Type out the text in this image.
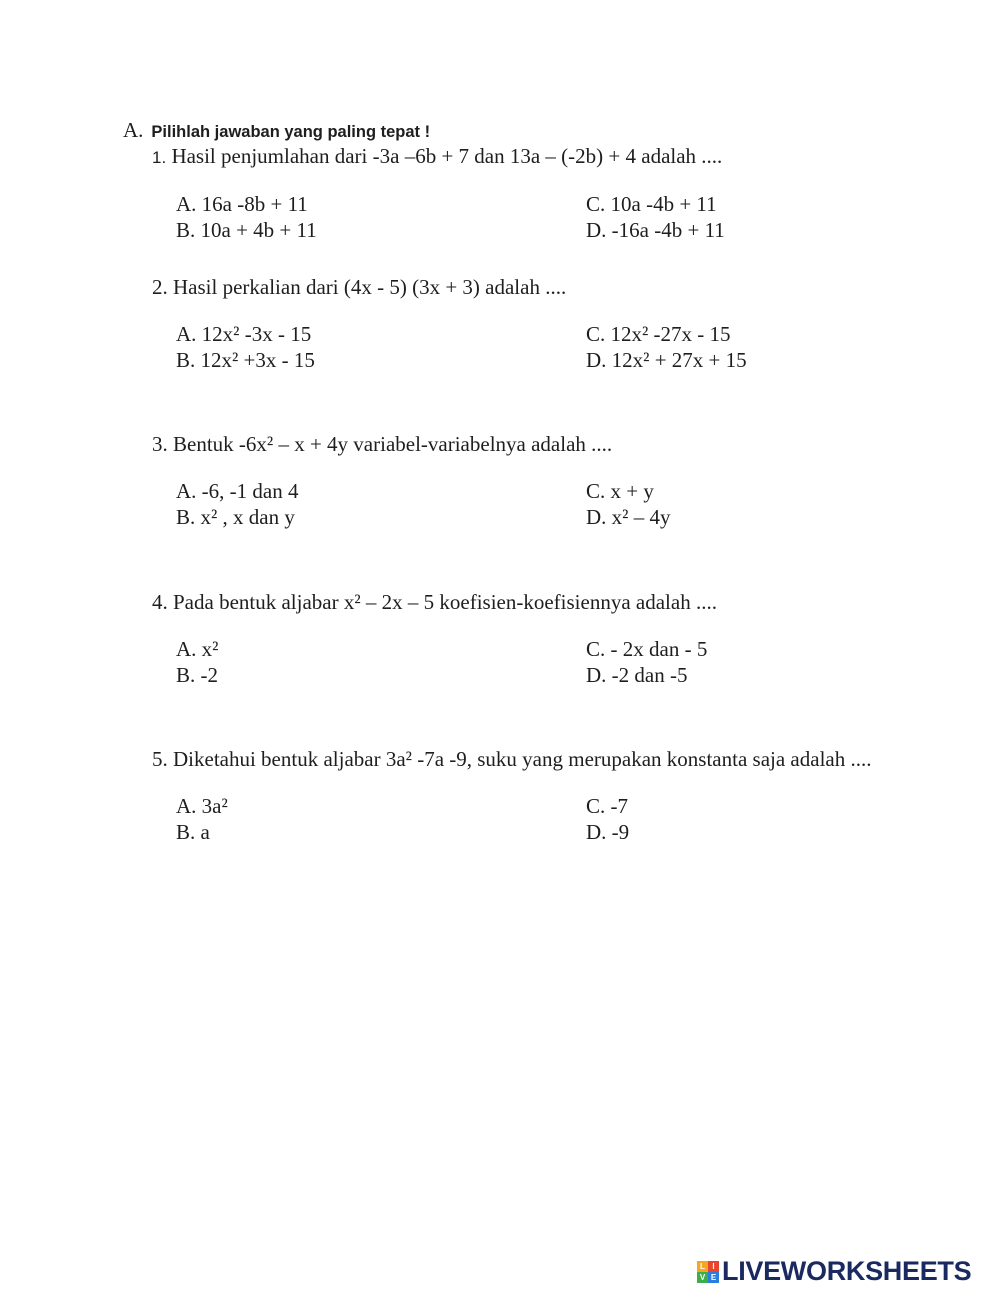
A. Pilihlah jawaban yang paling tepat !

1. Hasil penjumlahan dari -3a –6b + 7 dan 13a – (-2b) + 4 adalah ....

A. 16a -8b + 11
B. 10a + 4b + 11
C. 10a -4b + 11
D. -16a -4b + 11

2. Hasil perkalian dari (4x - 5) (3x + 3) adalah ....

A. 12x² -3x - 15
B. 12x² +3x - 15
C. 12x² -27x - 15
D. 12x² + 27x + 15

3. Bentuk -6x² – x + 4y variabel-variabelnya adalah ....

A. -6, -1 dan 4
B. x² , x dan y
C. x + y
D. x² – 4y

4. Pada bentuk aljabar x² – 2x – 5 koefisien-koefisiennya adalah ....

A. x²
B. -2
C. - 2x dan - 5
D. -2 dan -5

5. Diketahui bentuk aljabar 3a² -7a -9, suku yang merupakan konstanta saja adalah ....

A. 3a²
B. a
C. -7
D. -9
L I
V E LIVEWORKSHEETS
